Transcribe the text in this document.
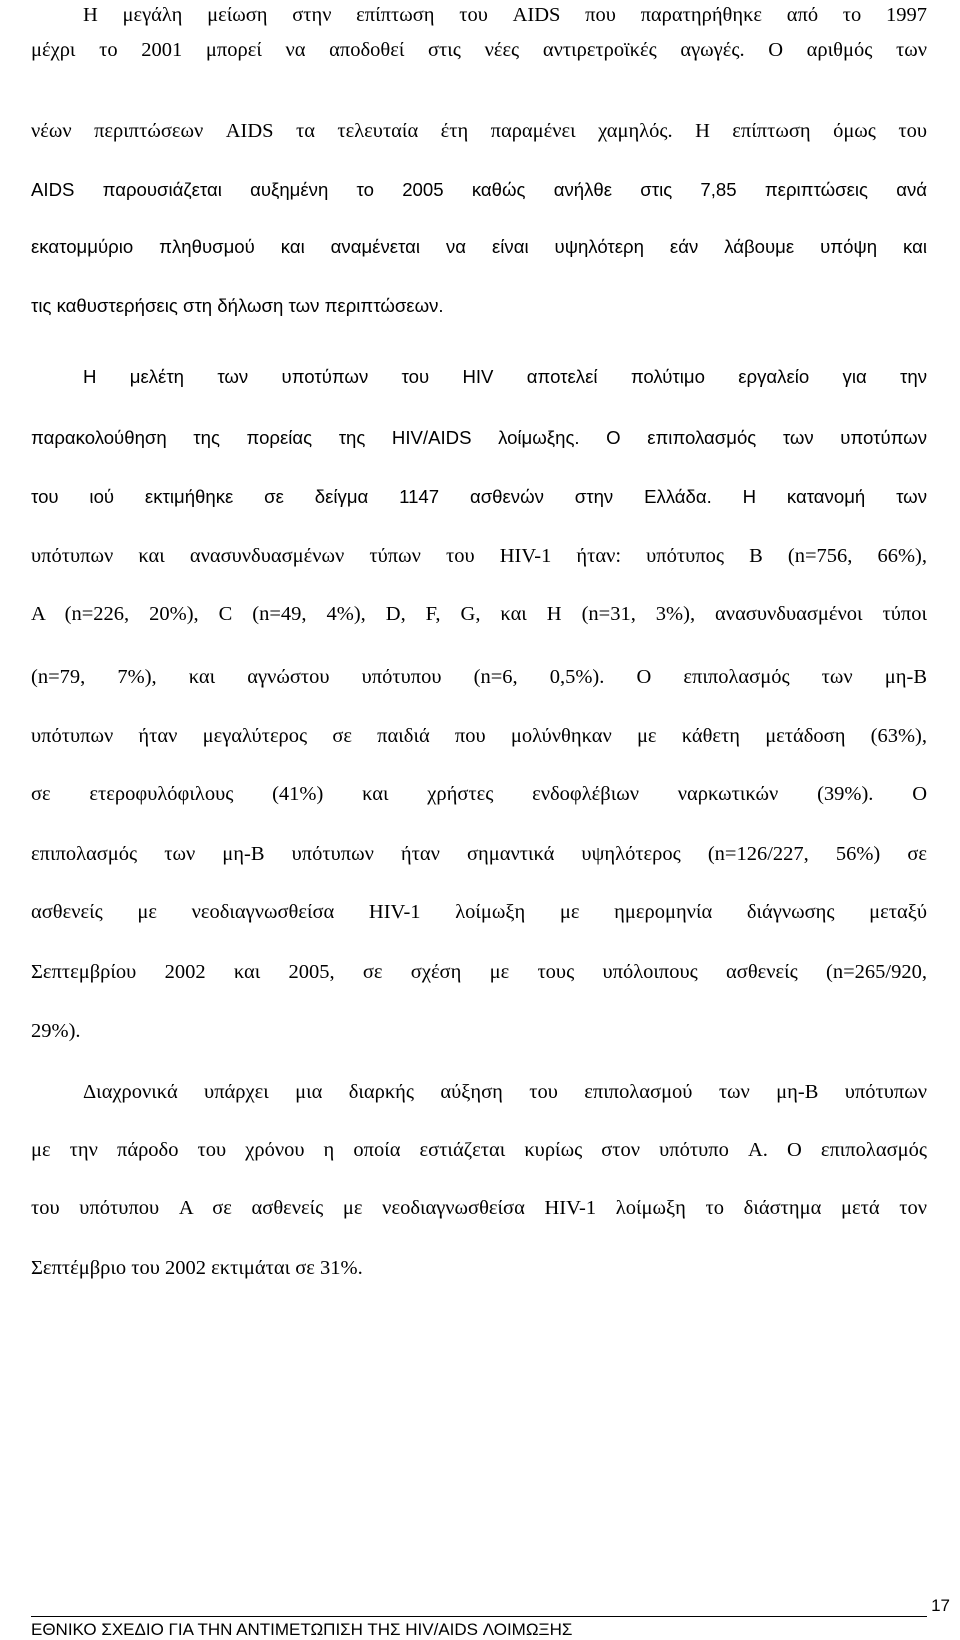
Η μεγάλη μείωση στην επίπτωση του AIDS που παρατηρήθηκε από το 1997
μέχρι το 2001 μπορεί να αποδοθεί στις νέες αντιρετροϊκές αγωγές. Ο αριθμός των
νέων περιπτώσεων AIDS τα τελευταία έτη παραμένει χαμηλός. Η επίπτωση όμως του
AIDS παρουσιάζεται αυξημένη το 2005 καθώς ανήλθε στις 7,85 περιπτώσεις ανά
εκατομμύριο πληθυσμού και αναμένεται να είναι υψηλότερη εάν λάβουμε υπόψη και
τις καθυστερήσεις στη δήλωση των περιπτώσεων.
Η μελέτη των υποτύπων του HIV αποτελεί πολύτιμο εργαλείο για την
παρακολούθηση της πορείας της HIV/AIDS λοίμωξης. Ο επιπολασμός των υποτύπων
του ιού εκτιμήθηκε σε δείγμα 1147 ασθενών στην Ελλάδα. Η κατανομή των
υπότυπων και ανασυνδυασμένων τύπων του HIV-1 ήταν: υπότυπος B (n=756, 66%),
A (n=226, 20%), C (n=49, 4%), D, F, G, και H (n=31, 3%), ανασυνδυασμένοι τύποι
(n=79, 7%), και αγνώστου υπότυπου (n=6, 0,5%). Ο επιπολασμός των μη-B
υπότυπων ήταν μεγαλύτερος σε παιδιά που μολύνθηκαν με κάθετη μετάδοση (63%),
σε ετεροφυλόφιλους (41%) και χρήστες ενδοφλέβιων ναρκωτικών (39%). Ο
επιπολασμός των μη-B υπότυπων ήταν σημαντικά υψηλότερος (n=126/227, 56%) σε
ασθενείς με νεοδιαγνωσθείσα HIV-1 λοίμωξη με ημερομηνία διάγνωσης μεταξύ
Σεπτεμβρίου 2002 και 2005, σε σχέση με τους υπόλοιπους ασθενείς (n=265/920,
29%).
Διαχρονικά υπάρχει μια διαρκής αύξηση του επιπολασμού των μη-B υπότυπων
με την πάροδο του χρόνου η οποία εστιάζεται κυρίως στον υπότυπο A. Ο επιπολασμός
του υπότυπου A σε ασθενείς με νεοδιαγνωσθείσα HIV-1 λοίμωξη το διάστημα μετά τον
Σεπτέμβριο του 2002 εκτιμάται σε 31%.
17
ΕΘΝΙΚΟ ΣΧΕΔΙΟ ΓΙΑ ΤΗΝ ΑΝΤΙΜΕΤΩΠΙΣΗ ΤΗΣ HIV/AIDS ΛΟΙΜΩΞΗΣ
